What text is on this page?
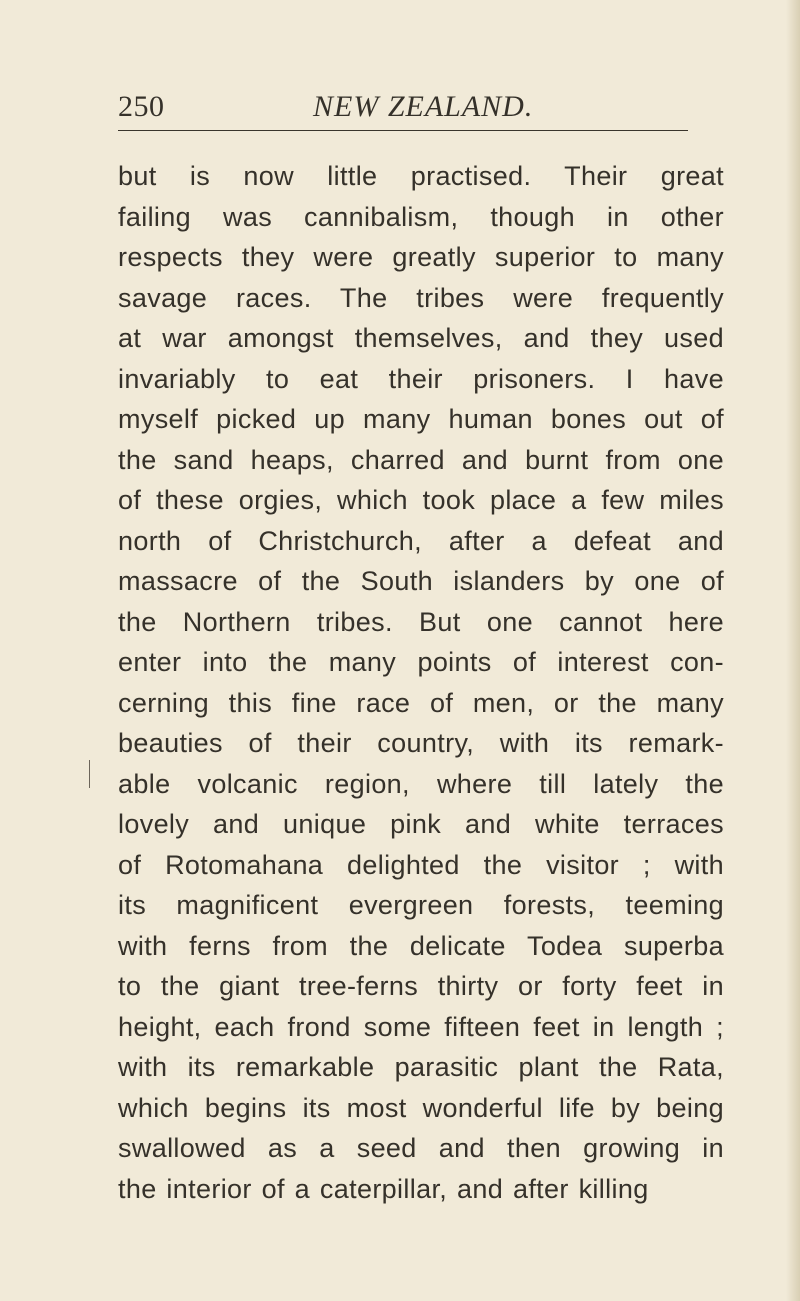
250	NEW ZEALAND.
but is now little practised. Their great
failing was cannibalism, though in other
respects they were greatly superior to many
savage races. The tribes were frequently
at war amongst themselves, and they used
invariably to eat their prisoners. I have
myself picked up many human bones out of
the sand heaps, charred and burnt from one
of these orgies, which took place a few miles
north of Christchurch, after a defeat and
massacre of the South islanders by one of
the Northern tribes. But one cannot here
enter into the many points of interest con-
cerning this fine race of men, or the many
beauties of their country, with its remark-
able volcanic region, where till lately the
lovely and unique pink and white terraces
of Rotomahana delighted the visitor ; with
its magnificent evergreen forests, teeming
with ferns from the delicate Todea superba
to the giant tree-ferns thirty or forty feet in
height, each frond some fifteen feet in length ;
with its remarkable parasitic plant the Rata,
which begins its most wonderful life by being
swallowed as a seed and then growing in
the interior of a caterpillar, and after killing
